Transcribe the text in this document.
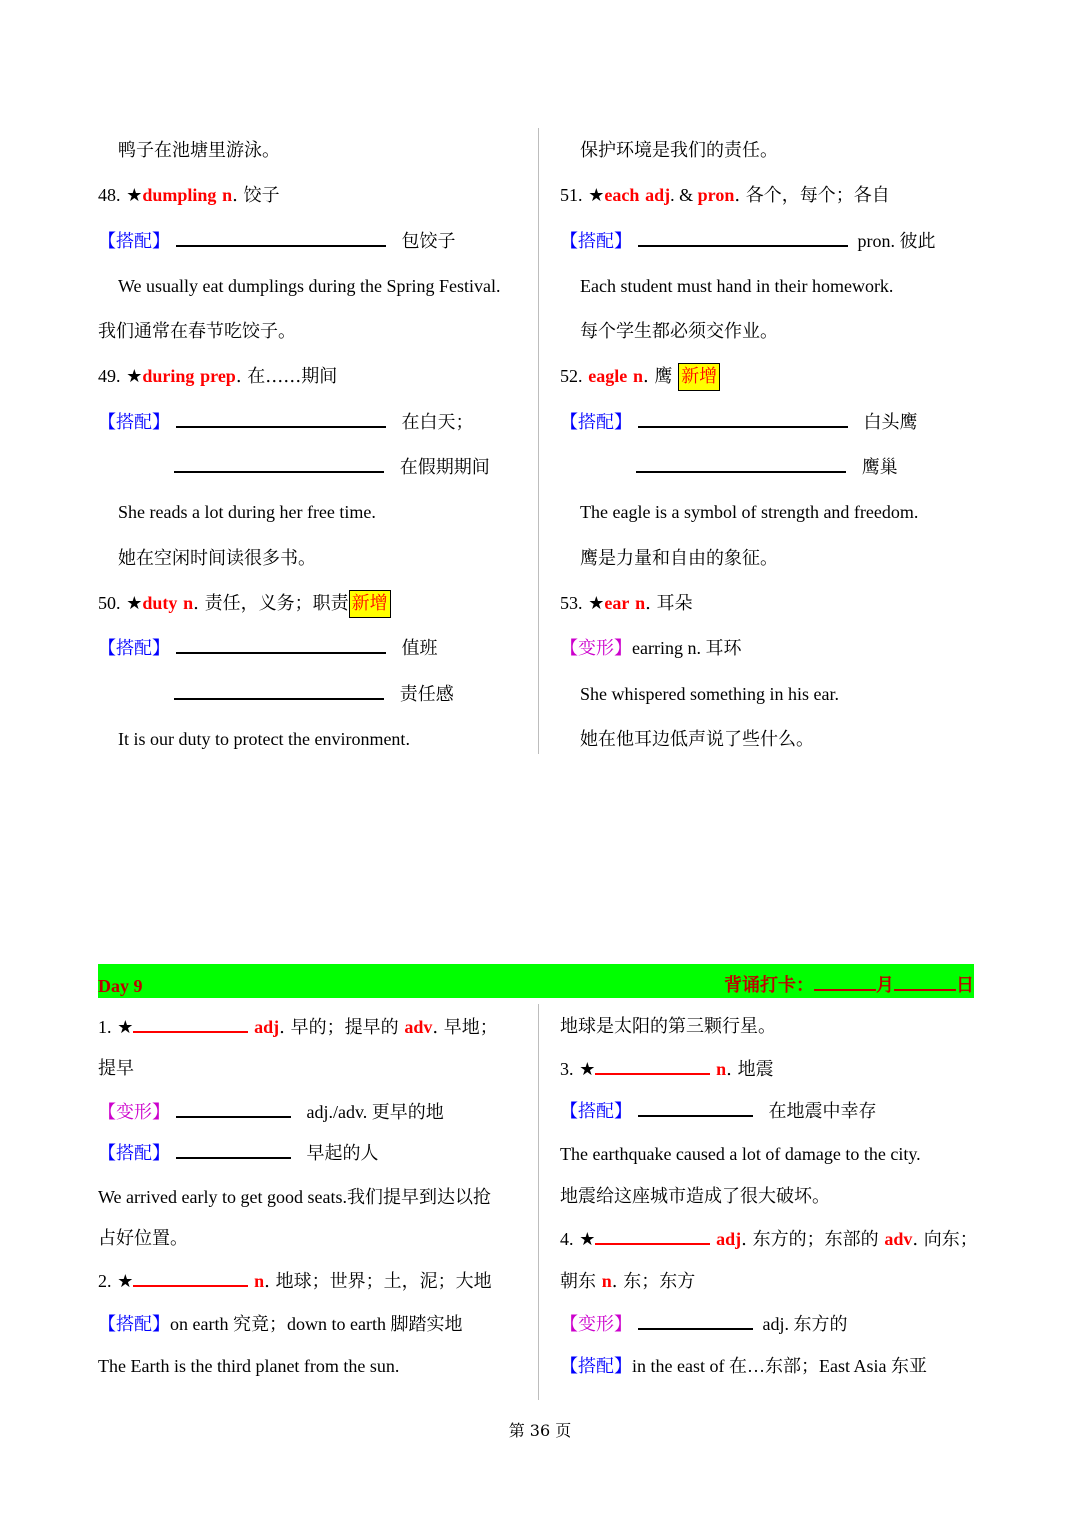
鸭子在池塘里游泳。
48. ★dumpling n. 饺子
【搭配】	包饺子
We usually eat dumplings during the Spring Festival.
我们通常在春节吃饺子。
49. ★during prep. 在……期间
【搭配】	在白天；
在假期期间
She reads a lot during her free time.
她在空闲时间读很多书。
50. ★duty n. 责任，义务；职责 新增
【搭配】	值班
责任感
It is our duty to protect the environment.
保护环境是我们的责任。
51. ★each adj. & pron. 各个，每个；各自
【搭配】	pron. 彼此
Each student must hand in their homework.
每个学生都必须交作业。
52. eagle n. 鹰 新增
【搭配】	白头鹰
鹰巢
The eagle is a symbol of strength and freedom.
鹰是力量和自由的象征。
53. ★ear n. 耳朵
【变形】earring n. 耳环
She whispered something in his ear.
她在他耳边低声说了些什么。
Day 9	背诵打卡：	月	日
1. ★	adj. 早的；提早的 adv. 早地；
提早
【变形】	adj./adv. 更早的地
【搭配】	早起的人
We arrived early to get good seats.我们提早到达以抢
占好位置。
2. ★	n. 地球；世界；土，泥；大地
【搭配】on earth 究竟；down to earth 脚踏实地
The Earth is the third planet from the sun.
地球是太阳的第三颗行星。
3. ★	n. 地震
【搭配】	在地震中幸存
The earthquake caused a lot of damage to the city.
地震给这座城市造成了很大破坏。
4. ★	adj. 东方的；东部的 adv. 向东；
朝东 n. 东；东方
【变形】	adj. 东方的
【搭配】in the east of 在…东部；East Asia 东亚
第 36 页
